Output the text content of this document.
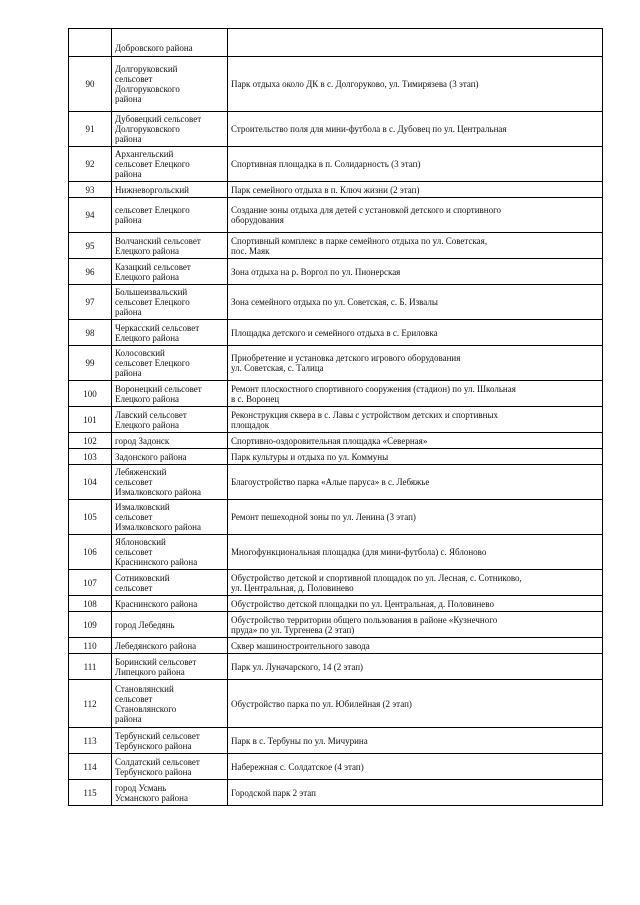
Добровского района	
90	Долгоруковский
сельсовет
Долгоруковского
района	Парк отдыха около ДК в с. Долгоруково, ул. Тимирязева (3 этап)
91	Дубовецкий сельсовет
Долгоруковского
района	Строительство поля для мини-футбола в с. Дубовец по ул. Центральная
92	Архангельский
сельсовет Елецкого
района	Спортивная площадка в п. Солидарность (3 этап)
93	Нижневоргольский	Парк семейного отдыха в п. Ключ жизни (2 этап)
94	сельсовет Елецкого
района	Создание зоны отдыха для детей с установкой детского и спортивного
оборудования
95	Волчанский сельсовет
Елецкого района	Спортивный комплекс в парке семейного отдыха по ул. Советская,
пос. Маяк
96	Казацкий сельсовет
Елецкого района	Зона отдыха на р. Воргол по ул. Пионерская
97	Большеизвальский
сельсовет Елецкого
района	Зона семейного отдыха по ул. Советская, с. Б. Извалы
98	Черкасский сельсовет
Елецкого района	Площадка детского и семейного отдыха в с. Ериловка
99	Колосовский
сельсовет Елецкого
района	Приобретение и установка детского игрового оборудования
ул. Советская, с. Талица
100	Воронецкий сельсовет
Елецкого района	Ремонт плоскостного спортивного сооружения (стадион) по ул. Школьная
в с. Воронец
101	Лавский сельсовет
Елецкого района	Реконструкция сквера в с. Лавы с устройством детских и спортивных
площадок
102	город Задонск	Спортивно-оздоровительная площадка «Северная»
103	Задонского района	Парк культуры и отдыха по ул. Коммуны
104	Лебяженский
сельсовет
Измалковского района	Благоустройство парка «Алые паруса» в с. Лебяжье
105	Измалковский
сельсовет
Измалковского района	Ремонт пешеходной зоны по ул. Ленина (3 этап)
106	Яблоновский
сельсовет
Краснинского района	Многофункциональная площадка (для мини-футбола) с. Яблоново
107	Сотниковский
сельсовет	Обустройство детской и спортивной площадок по ул. Лесная, с. Сотниково,
ул. Центральная, д. Половинево
108	Краснинского района	Обустройство детской площадки по ул. Центральная, д. Половинево
109	город Лебедянь	Обустройство территории общего пользования в районе «Кузнечного
пруда» по ул. Тургенева (2 этап)
110	Лебедянского района	Сквер машиностроительного завода
111	Боринский сельсовет
Липецкого района	Парк ул. Луначарского, 14 (2 этап)
112	Становлянский
сельсовет
Становлянского
района	Обустройство парка по ул. Юбилейная (2 этап)
113	Тербунский сельсовет
Тербунского района	Парк в с. Тербуны по ул. Мичурина
114	Солдатский сельсовет
Тербунского района	Набережная с. Солдатское (4 этап)
115	город Усмань
Усманского района	Городской парк 2 этап
